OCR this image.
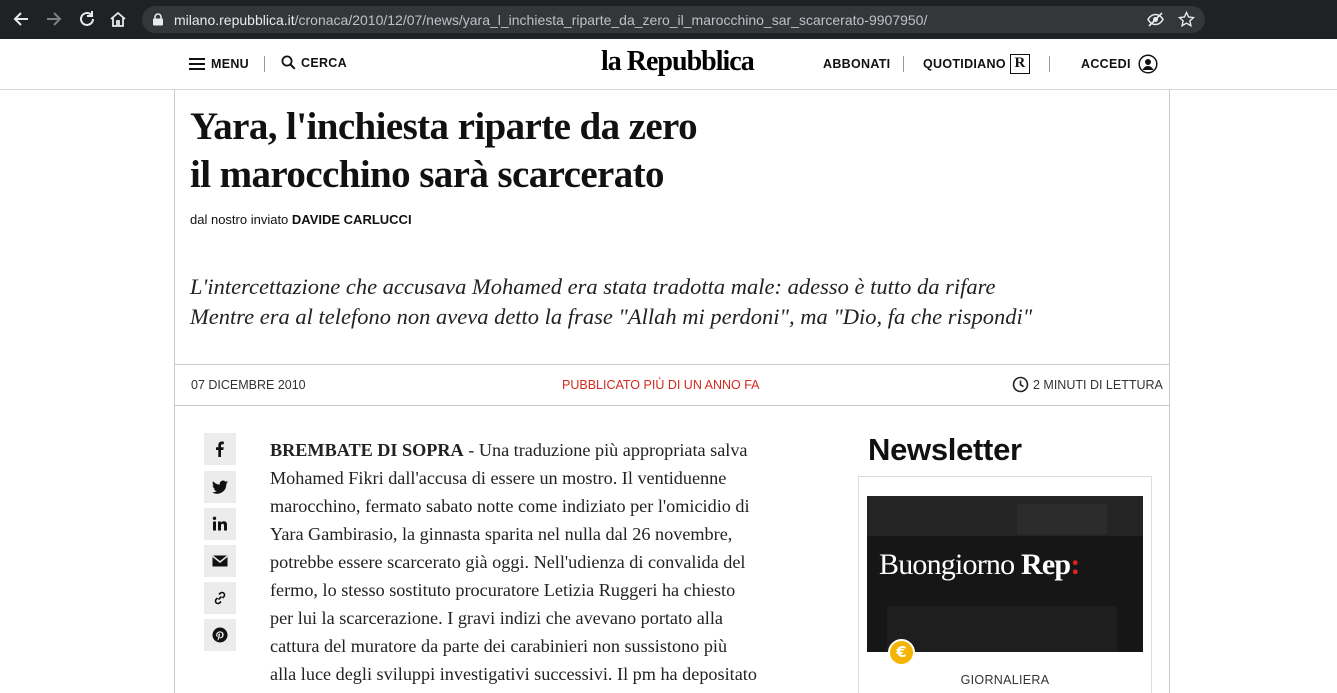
milano.repubblica.it/cronaca/2010/12/07/news/yara_l_inchiesta_riparte_da_zero_il_marocchino_sar_scarcerato-9907950/
MENU	CERCA	la Repubblica	ABBONATI	QUOTIDIANO R	ACCEDI
Yara, l'inchiesta riparte da zero
il marocchino sarà scarcerato
dal nostro inviato DAVIDE CARLUCCI
L'intercettazione che accusava Mohamed era stata tradotta male: adesso è tutto da rifare
Mentre era al telefono non aveva detto la frase "Allah mi perdoni", ma "Dio, fa che rispondi"
07 DICEMBRE 2010	PUBBLICATO PIÙ DI UN ANNO FA	2 MINUTI DI LETTURA
BREMBATE DI SOPRA - Una traduzione più appropriata salva
Mohamed Fikri dall'accusa di essere un mostro. Il ventiduenne
marocchino, fermato sabato notte come indiziato per l'omicidio di
Yara Gambirasio, la ginnasta sparita nel nulla dal 26 novembre,
potrebbe essere scarcerato già oggi. Nell'udienza di convalida del
fermo, lo stesso sostituto procuratore Letizia Ruggeri ha chiesto
per lui la scarcerazione. I gravi indizi che avevano portato alla
cattura del muratore da parte dei carabinieri non sussistono più
alla luce degli sviluppi investigativi successivi. Il pm ha depositato
Newsletter
Buongiorno Rep:
€
GIORNALIERA
